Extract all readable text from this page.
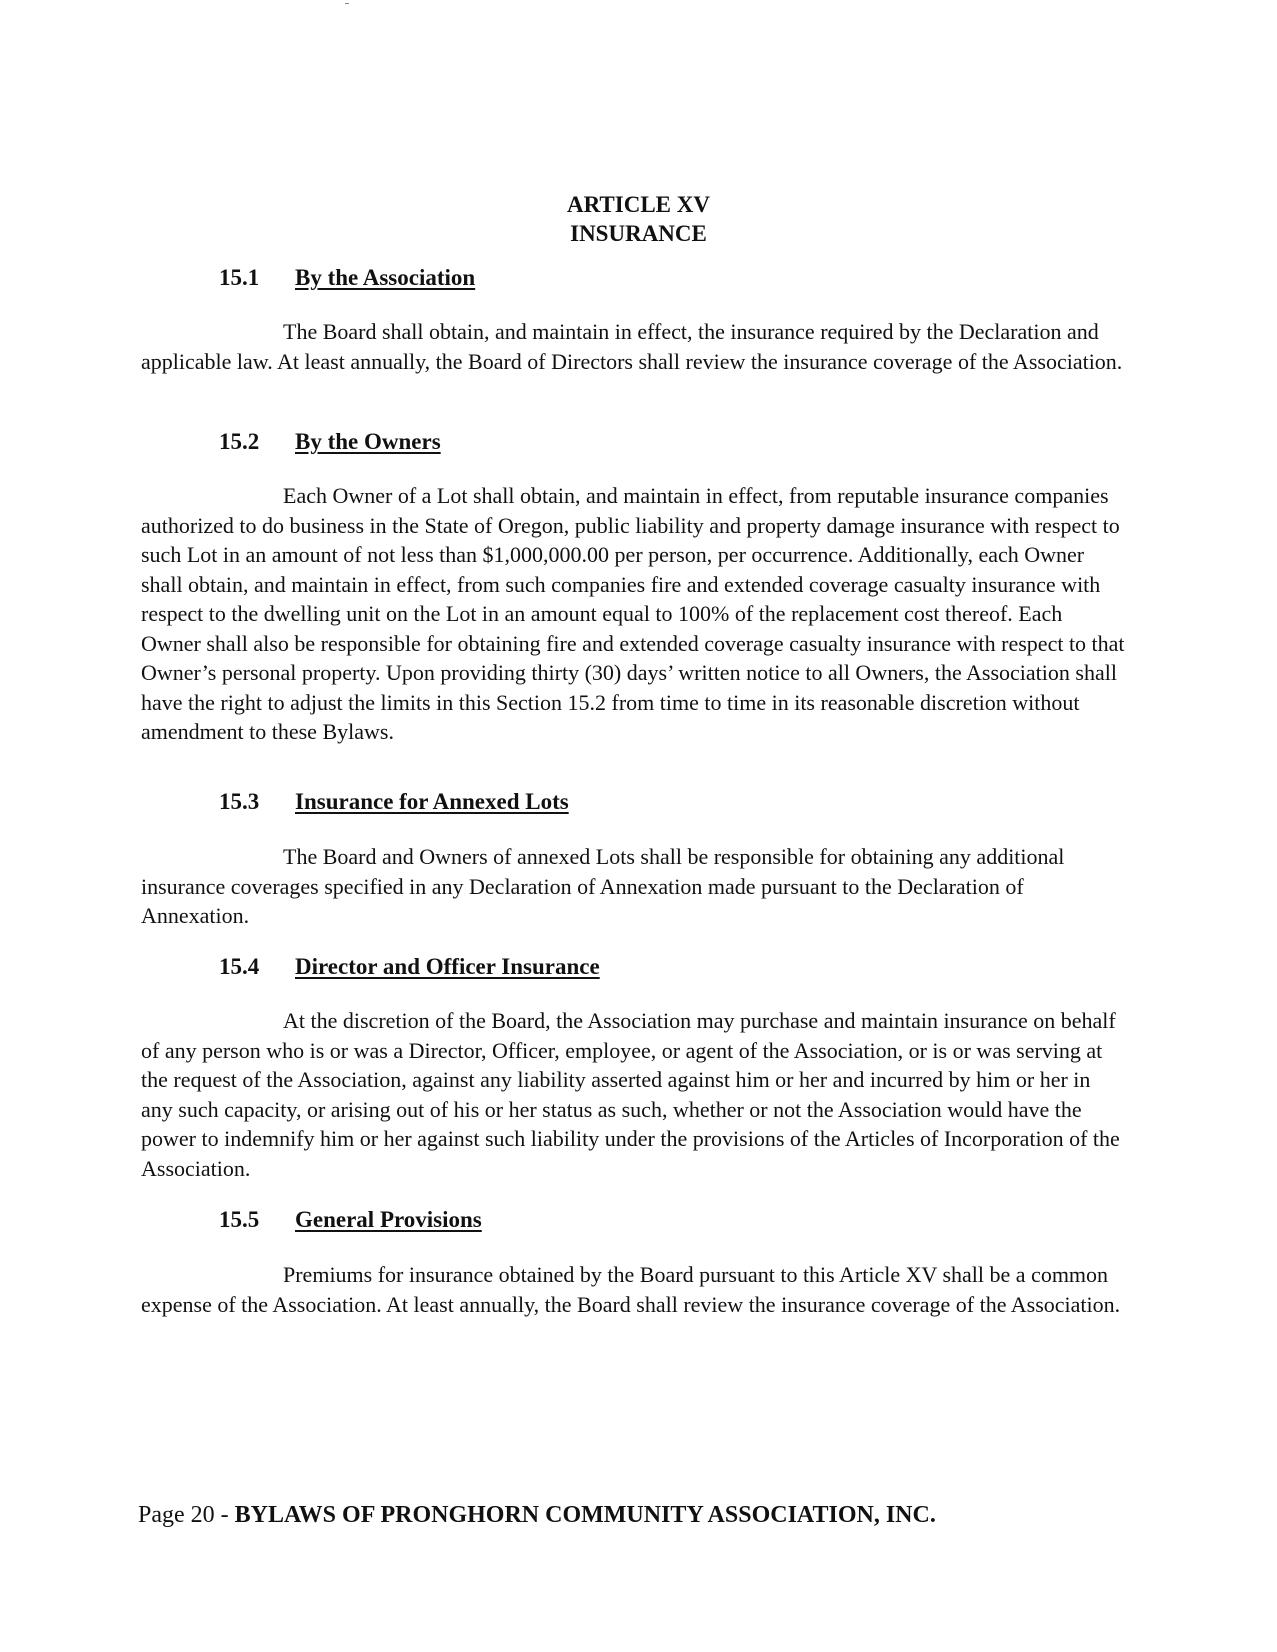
ARTICLE XV
INSURANCE
15.1 By the Association
The Board shall obtain, and maintain in effect, the insurance required by the Declaration and applicable law. At least annually, the Board of Directors shall review the insurance coverage of the Association.
15.2 By the Owners
Each Owner of a Lot shall obtain, and maintain in effect, from reputable insurance companies authorized to do business in the State of Oregon, public liability and property damage insurance with respect to such Lot in an amount of not less than $1,000,000.00 per person, per occurrence. Additionally, each Owner shall obtain, and maintain in effect, from such companies fire and extended coverage casualty insurance with respect to the dwelling unit on the Lot in an amount equal to 100% of the replacement cost thereof. Each Owner shall also be responsible for obtaining fire and extended coverage casualty insurance with respect to that Owner’s personal property. Upon providing thirty (30) days’ written notice to all Owners, the Association shall have the right to adjust the limits in this Section 15.2 from time to time in its reasonable discretion without amendment to these Bylaws.
15.3 Insurance for Annexed Lots
The Board and Owners of annexed Lots shall be responsible for obtaining any additional insurance coverages specified in any Declaration of Annexation made pursuant to the Declaration of Annexation.
15.4 Director and Officer Insurance
At the discretion of the Board, the Association may purchase and maintain insurance on behalf of any person who is or was a Director, Officer, employee, or agent of the Association, or is or was serving at the request of the Association, against any liability asserted against him or her and incurred by him or her in any such capacity, or arising out of his or her status as such, whether or not the Association would have the power to indemnify him or her against such liability under the provisions of the Articles of Incorporation of the Association.
15.5 General Provisions
Premiums for insurance obtained by the Board pursuant to this Article XV shall be a common expense of the Association. At least annually, the Board shall review the insurance coverage of the Association.
Page 20 - BYLAWS OF PRONGHORN COMMUNITY ASSOCIATION, INC.
